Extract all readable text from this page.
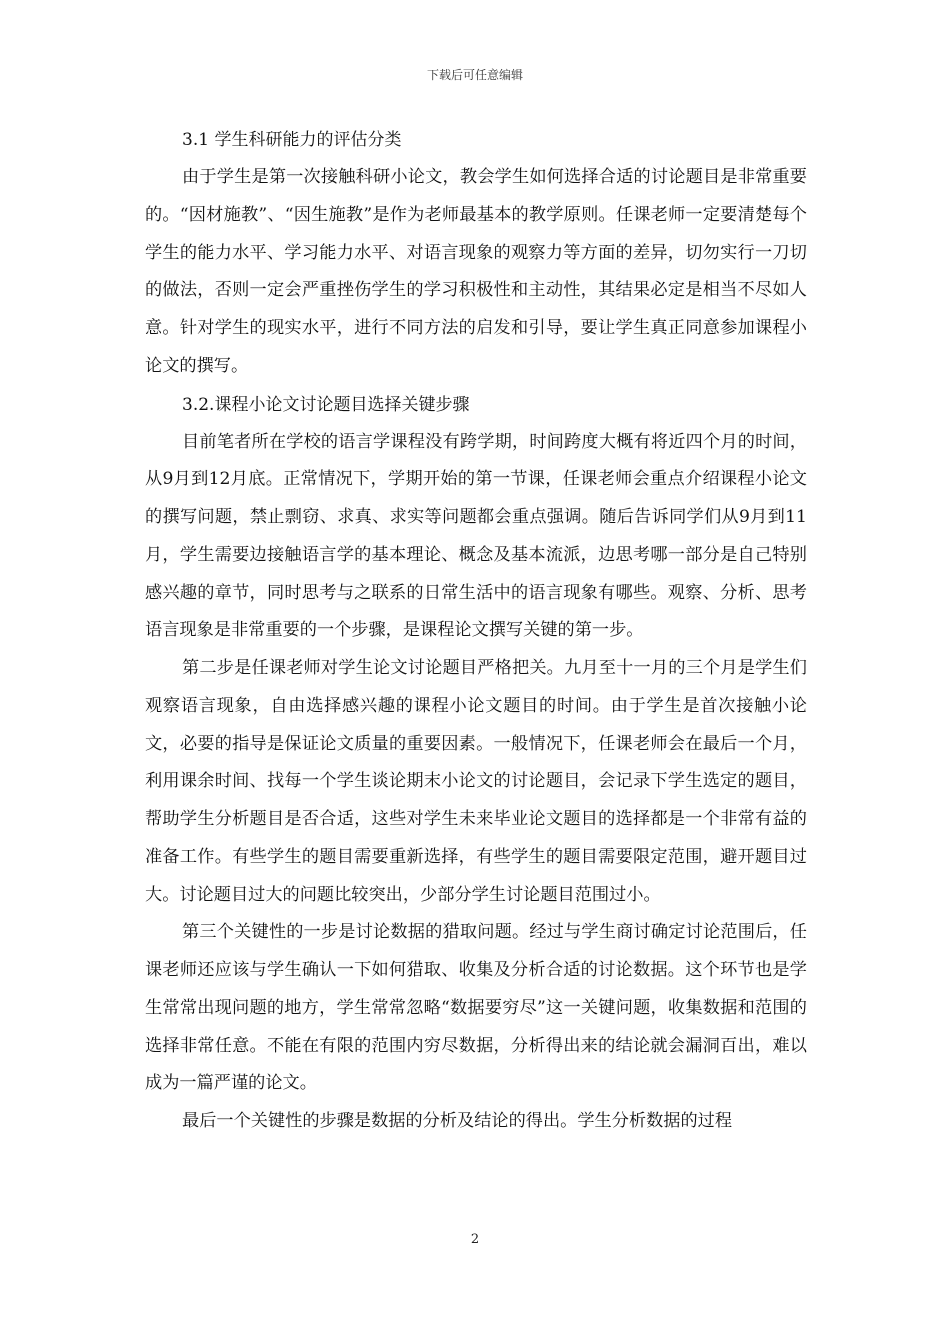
下载后可任意编辑
3.1 学生科研能力的评估分类

由于学生是第一次接触科研小论文，教会学生如何选择合适的讨论题目是非常重要的。“因材施教”、“因生施教”是作为老师最基本的教学原则。任课老师一定要清楚每个学生的能力水平、学习能力水平、对语言现象的观察力等方面的差异，切勿实行一刀切的做法，否则一定会严重挫伤学生的学习积极性和主动性，其结果必定是相当不尽如人意。针对学生的现实水平，进行不同方法的启发和引导，要让学生真正同意参加课程小论文的撰写。

3.2.课程小论文讨论题目选择关键步骤

目前笔者所在学校的语言学课程没有跨学期，时间跨度大概有将近四个月的时间，从9月到12月底。正常情况下，学期开始的第一节课，任课老师会重点介绍课程小论文的撰写问题，禁止剽窃、求真、求实等问题都会重点强调。随后告诉同学们从9月到11月，学生需要边接触语言学的基本理论、概念及基本流派，边思考哪一部分是自己特别感兴趣的章节，同时思考与之联系的日常生活中的语言现象有哪些。观察、分析、思考语言现象是非常重要的一个步骤，是课程论文撰写关键的第一步。

第二步是任课老师对学生论文讨论题目严格把关。九月至十一月的三个月是学生们观察语言现象，自由选择感兴趣的课程小论文题目的时间。由于学生是首次接触小论文，必要的指导是保证论文质量的重要因素。一般情况下，任课老师会在最后一个月，利用课余时间、找每一个学生谈论期末小论文的讨论题目，会记录下学生选定的题目，帮助学生分析题目是否合适，这些对学生未来毕业论文题目的选择都是一个非常有益的准备工作。有些学生的题目需要重新选择，有些学生的题目需要限定范围，避开题目过大。讨论题目过大的问题比较突出，少部分学生讨论题目范围过小。

第三个关键性的一步是讨论数据的猎取问题。经过与学生商讨确定讨论范围后，任课老师还应该与学生确认一下如何猎取、收集及分析合适的讨论数据。这个环节也是学生常常出现问题的地方，学生常常忽略“数据要穷尽”这一关键问题，收集数据和范围的选择非常任意。不能在有限的范围内穷尽数据，分析得出来的结论就会漏洞百出，难以成为一篇严谨的论文。

最后一个关键性的步骤是数据的分析及结论的得出。学生分析数据的过程

2
